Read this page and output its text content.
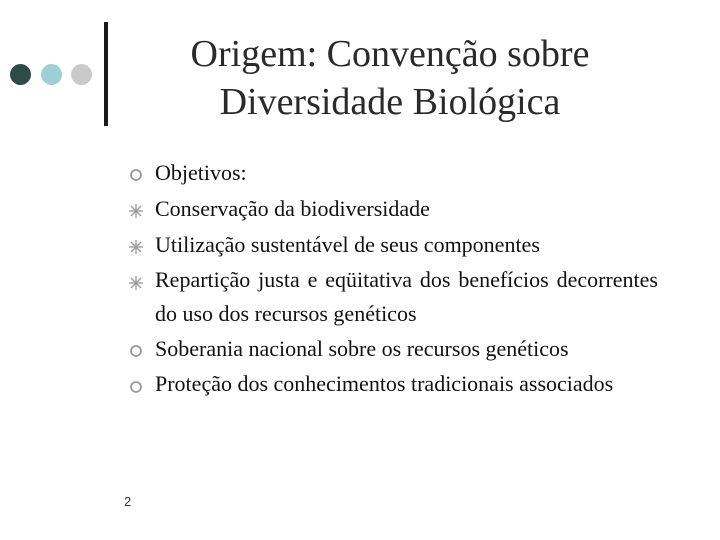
Origem: Convenção sobre
Diversidade Biológica
Objetivos:
Conservação da biodiversidade
Utilização sustentável de seus componentes
Repartição justa e eqüitativa dos benefícios decorrentes do uso dos recursos genéticos
Soberania nacional sobre os recursos genéticos
Proteção dos conhecimentos tradicionais associados
2
